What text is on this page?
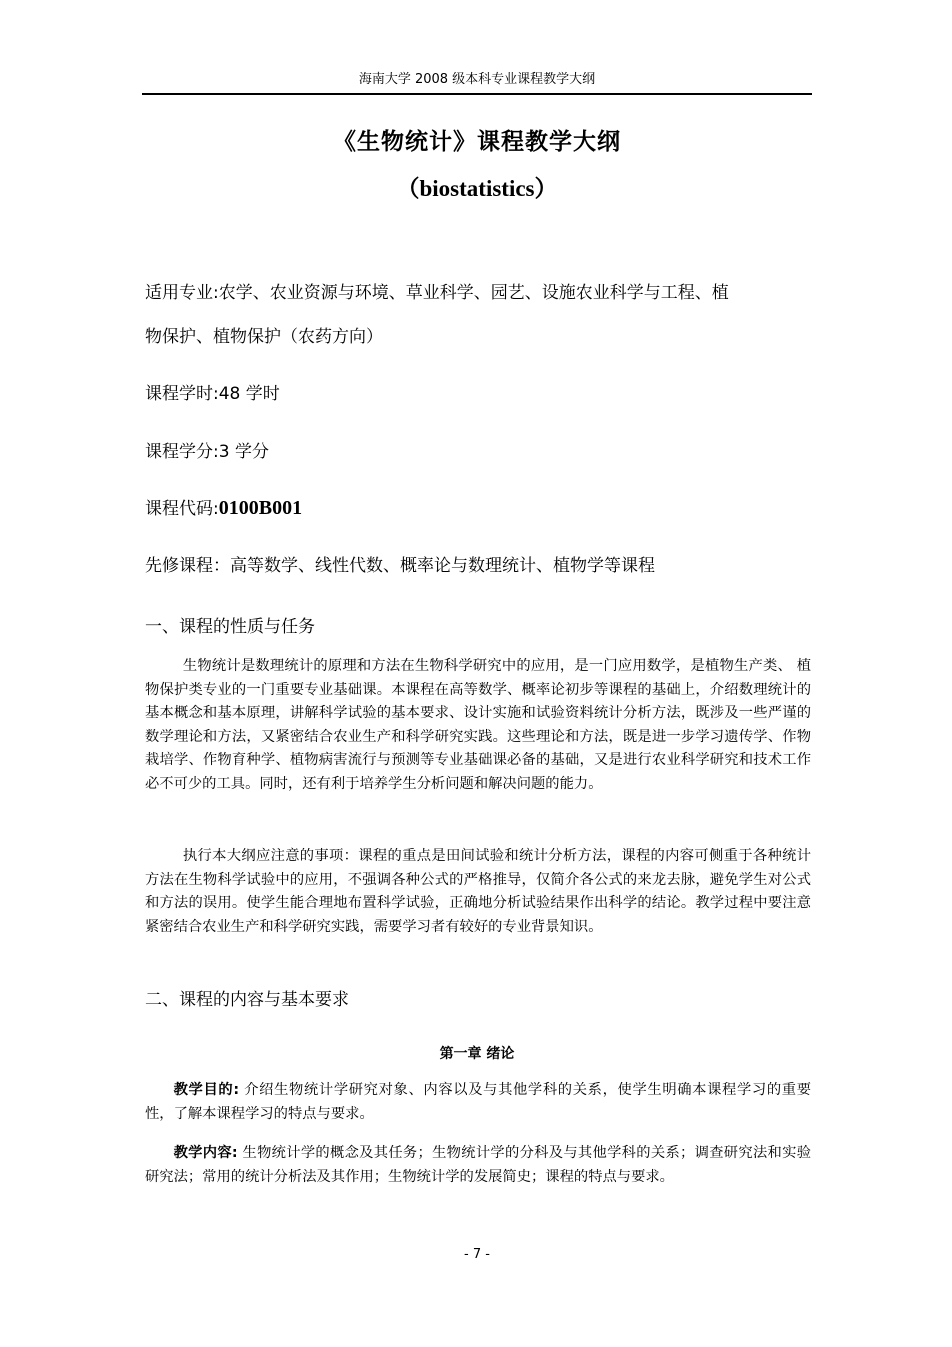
海南大学 2008 级本科专业课程教学大纲
《生物统计》课程教学大纲
（biostatistics）
适用专业:农学、农业资源与环境、草业科学、园艺、设施农业科学与工程、植
物保护、植物保护（农药方向）
课程学时:48 学时
课程学分:3 学分
课程代码:0100B001
先修课程：高等数学、线性代数、概率论与数理统计、植物学等课程
一、课程的性质与任务

生物统计是数理统计的原理和方法在生物科学研究中的应用，是一门应用数学，是植物生产类、 植物保护类专业的一门重要专业基础课。本课程在高等数学、概率论初步等课程的基础上，介绍数理统计的基本概念和基本原理，讲解科学试验的基本要求、设计实施和试验资料统计分析方法，既涉及一些严谨的数学理论和方法，又紧密结合农业生产和科学研究实践。这些理论和方法，既是进一步学习遗传学、作物栽培学、作物育种学、植物病害流行与预测等专业基础课必备的基础，又是进行农业科学研究和技术工作必不可少的工具。同时，还有利于培养学生分析问题和解决问题的能力。

执行本大纲应注意的事项：课程的重点是田间试验和统计分析方法，课程的内容可侧重于各种统计方法在生物科学试验中的应用，不强调各种公式的严格推导，仅简介各公式的来龙去脉，避免学生对公式和方法的误用。使学生能合理地布置科学试验，正确地分析试验结果作出科学的结论。教学过程中要注意紧密结合农业生产和科学研究实践，需要学习者有较好的专业背景知识。

二、课程的内容与基本要求
第一章 绪论

教学目的: 介绍生物统计学研究对象、内容以及与其他学科的关系，使学生明确本课程学习的重要性，了解本课程学习的特点与要求。

教学内容: 生物统计学的概念及其任务；生物统计学的分科及与其他学科的关系；调查研究法和实验研究法；常用的统计分析法及其作用；生物统计学的发展简史；课程的特点与要求。

- 7 -
